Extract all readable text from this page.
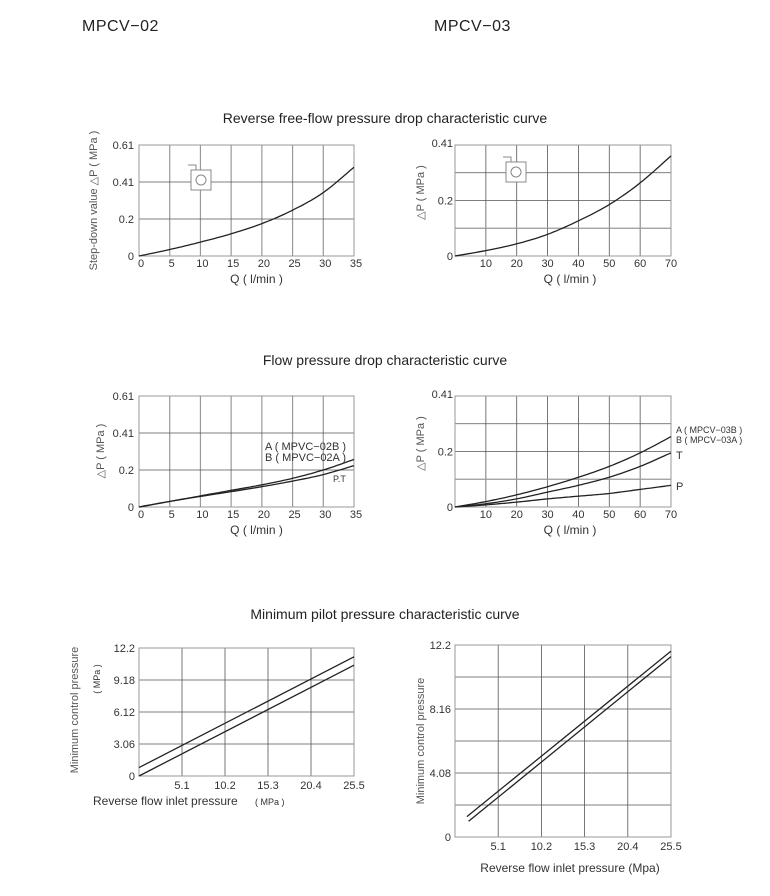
MPCV−02	MPCV−03
Reverse free-flow pressure drop characteristic curve
Flow pressure drop characteristic curve
Minimum pilot pressure characteristic curve
0 5 10 15 20 25 30 35
0
0.2
0.41
0.61
Q ( l/min )
Step-down value △P ( MPa )	10 20 30 40 50 60 70
0
0.2
0.41
Q ( l/min )
△P ( MPa )
0 5 10 15 20 25 30 35
0
0.2
0.41
0.61
Q ( l/min )
△P ( MPa )	A ( MPVC−02B )
B ( MPVC−02A )
P.T
10 20 30 40 50 60 70
0
0.2
0.41
Q ( l/min )
△P ( MPa )	A ( MPCV−03B )
B ( MPCV−03A )
T
P
5.1 10.2 15.3 20.4 25.5
0
3.06
6.12
9.18
12.2
Minimum control pressure ( MPa )
Reverse flow inlet pressure ( MPa )
5.1 10.2 15.3 20.4 25.5
0
4.08
8.16
12.2
Minimum control pressure
Reverse flow inlet pressure (Mpa)
